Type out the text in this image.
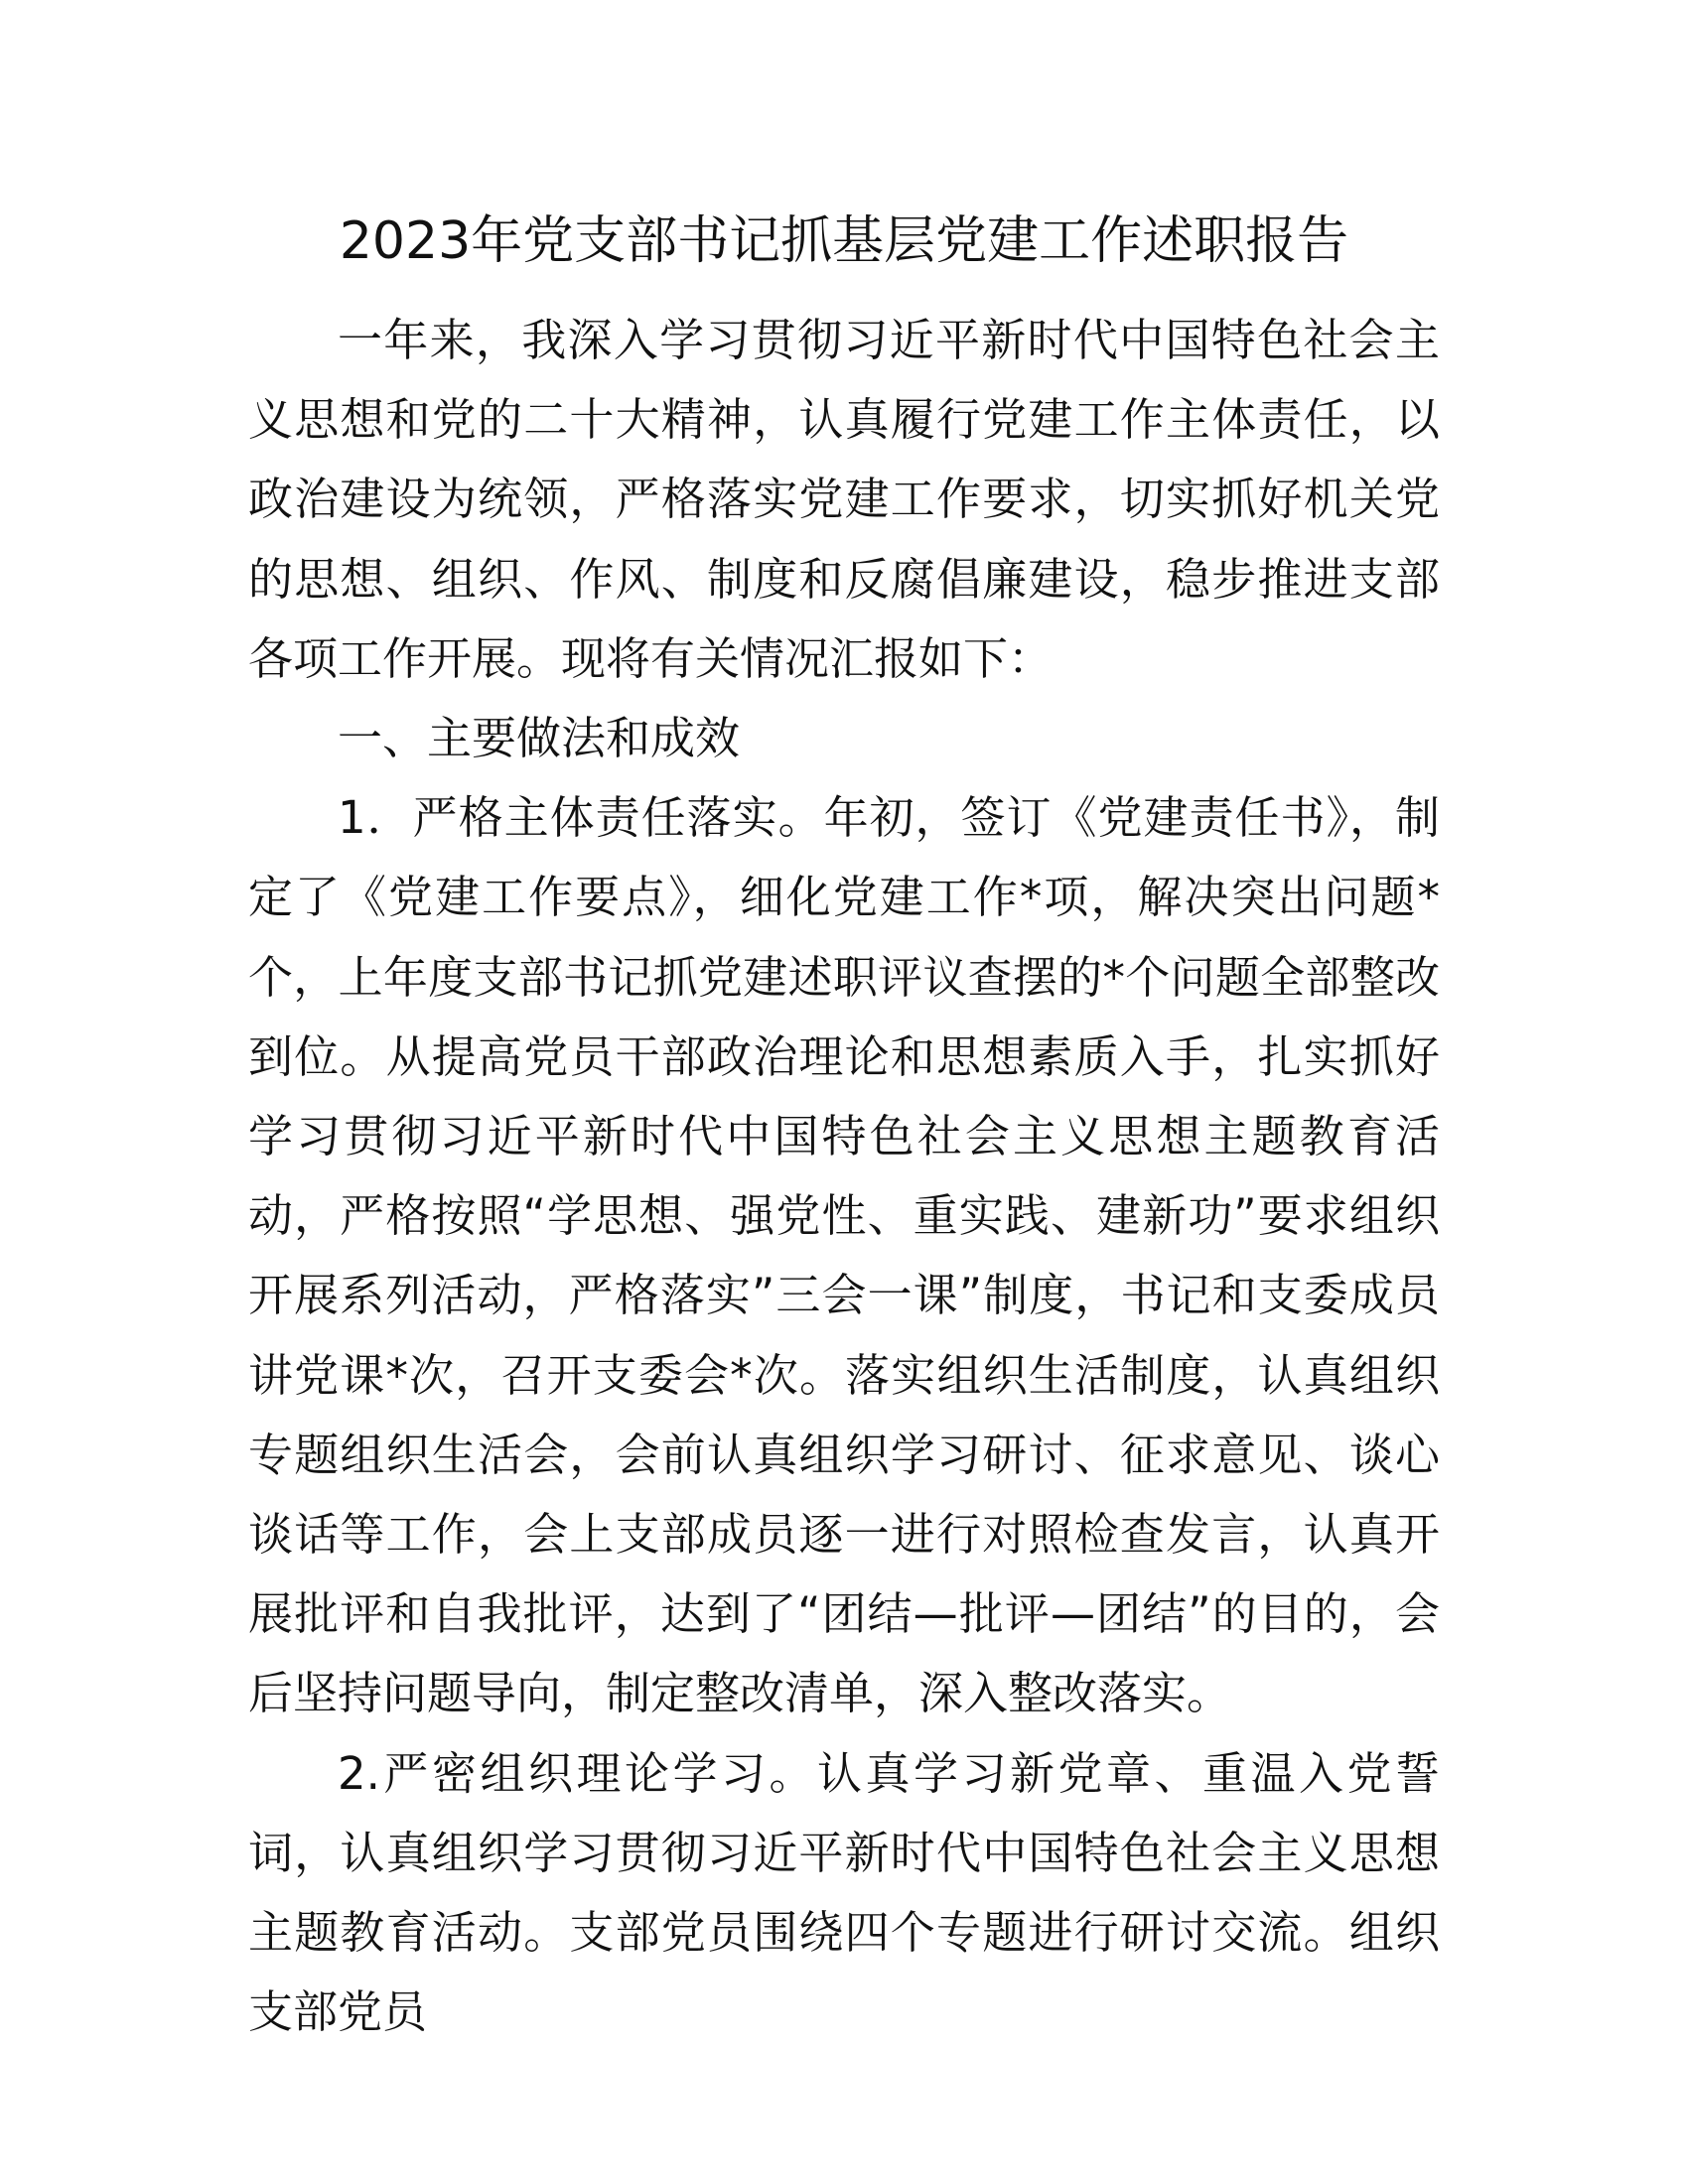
2023年党支部书记抓基层党建工作述职报告

一年来，我深入学习贯彻习近平新时代中国特色社会主义思想和党的二十大精神，认真履行党建工作主体责任，以政治建设为统领，严格落实党建工作要求，切实抓好机关党的思想、组织、作风、制度和反腐倡廉建设，稳步推进支部各项工作开展。现将有关情况汇报如下：

一、主要做法和成效

1．严格主体责任落实。年初，签订《党建责任书》，制定了《党建工作要点》，细化党建工作*项，解决突出问题*个，上年度支部书记抓党建述职评议查摆的*个问题全部整改到位。从提高党员干部政治理论和思想素质入手，扎实抓好学习贯彻习近平新时代中国特色社会主义思想主题教育活动，严格按照“学思想、强党性、重实践、建新功”要求组织开展系列活动，严格落实”三会一课”制度，书记和支委成员讲党课*次，召开支委会*次。落实组织生活制度，认真组织专题组织生活会，会前认真组织学习研讨、征求意见、谈心谈话等工作，会上支部成员逐一进行对照检查发言，认真开展批评和自我批评，达到了“团结—批评—团结”的目的，会后坚持问题导向，制定整改清单，深入整改落实。

2.严密组织理论学习。认真学习新党章、重温入党誓词，认真组织学习贯彻习近平新时代中国特色社会主义思想主题教育活动。支部党员围绕四个专题进行研讨交流。组织支部党员
